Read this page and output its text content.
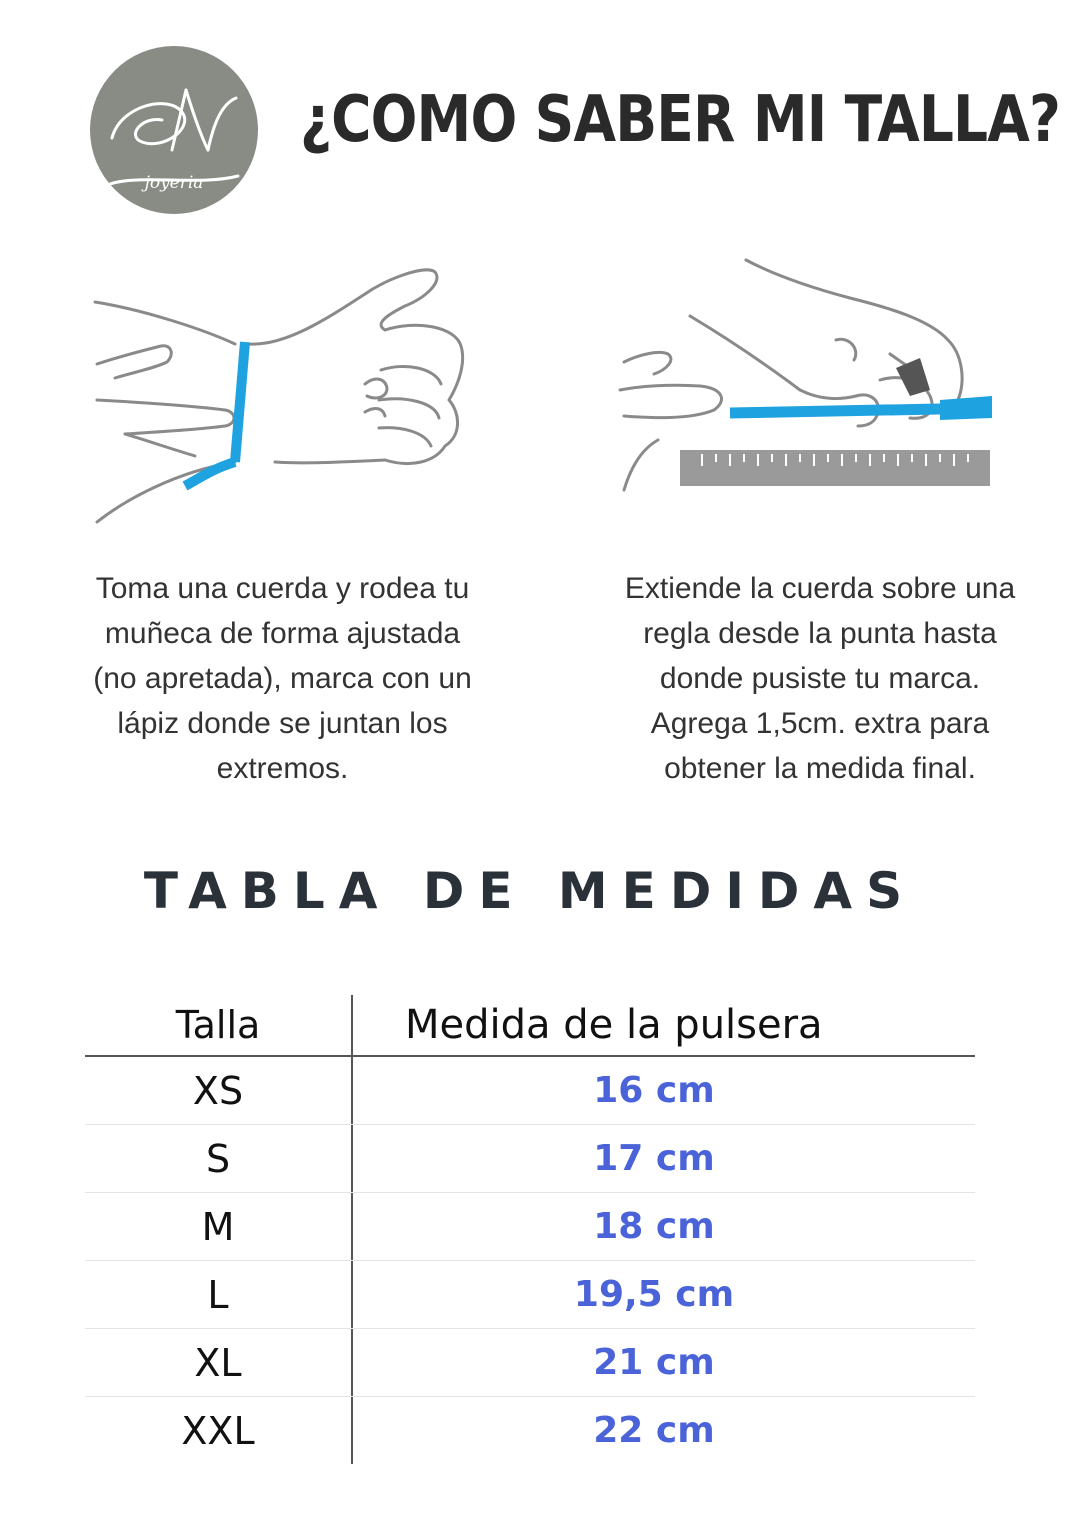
joyeria
¿COMO SABER MI TALLA?

Toma una cuerda y rodea tu
muñeca de forma ajustada
(no apretada), marca con un
lápiz donde se juntan los
extremos.

Extiende la cuerda sobre una
regla desde la punta hasta
donde pusiste tu marca.
Agrega 1,5cm. extra para
obtener la medida final.

TABLA DE MEDIDAS
Talla	Medida de la pulsera
XS	16 cm
S	17 cm
M	18 cm
L	19,5 cm
XL	21 cm
XXL	22 cm
